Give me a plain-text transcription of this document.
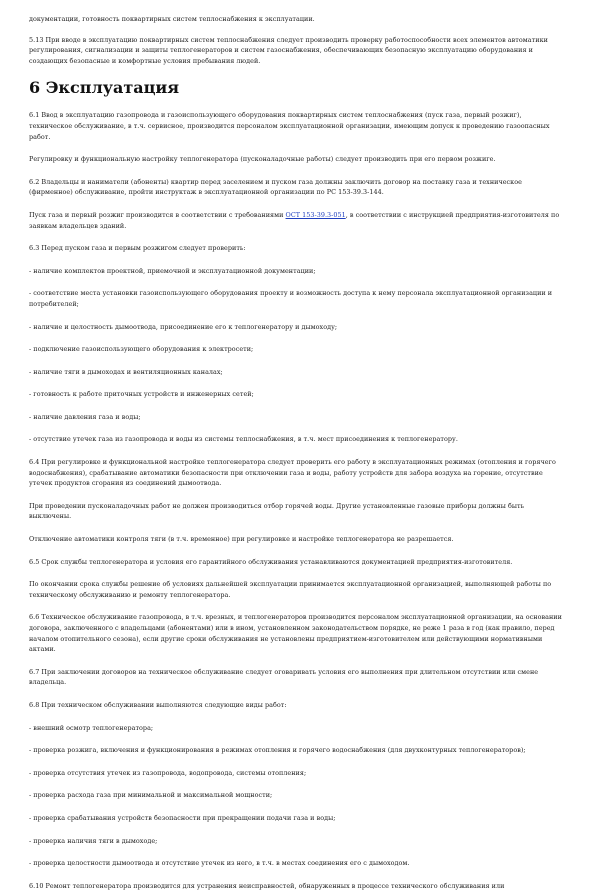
документации, готовность поквартирных систем теплоснабжения к эксплуатации.

5.13 При вводе в эксплуатацию поквартирных систем теплоснабжения следует производить проверку работоспособности всех элементов автоматики регулирования, сигнализации и защиты теплогенераторов и систем газоснабжения, обеспечивающих безопасную эксплуатацию оборудования и создающих безопасные и комфортные условия пребывания людей.

6 Эксплуатация

6.1 Ввод в эксплуатацию газопровода и газоиспользующего оборудования поквартирных систем теплоснабжения (пуск газа, первый розжиг), техническое обслуживание, в т.ч. сервисное, производится персоналом эксплуатационной организации, имеющим допуск к проведению газоопасных работ.

Регулировку и функциональную настройку теплогенератора (пусконаладочные работы) следует производить при его первом розжиге.

6.2 Владельцы и наниматели (абоненты) квартир перед заселением и пуском газа должны заключить договор на поставку газа и техническое (фирменное) обслуживание, пройти инструктаж в эксплуатационной организации по РС 153-39.3-144.

Пуск газа и первый розжиг производится в соответствии с требованиями ОСТ 153-39.3-051, в соответствии с инструкцией предприятия-изготовителя по заявкам владельцев зданий.

6.3 Перед пуском газа и первым розжигом следует проверить:

- наличие комплектов проектной, приемочной и эксплуатационной документации;

- соответствие места установки газоиспользующего оборудования проекту и возможность доступа к нему персонала эксплуатационной организации и потребителей;

- наличие и целостность дымоотвода, присоединение его к теплогенератору и дымоходу;

- подключение газоиспользующего оборудования к электросети;

- наличие тяги в дымоходах и вентиляционных каналах;

- готовность к работе приточных устройств и инженерных сетей;

- наличие давления газа и воды;

- отсутствие утечек газа из газопровода и воды из системы теплоснабжения, в т.ч. мест присоединения к теплогенератору.

6.4 При регулировке и функциональной настройке теплогенератора следует проверить его работу в эксплуатационных режимах (отопления и горячего водоснабжения), срабатывание автоматики безопасности при отключении газа и воды, работу устройств для забора воздуха на горение, отсутствие утечек продуктов сгорания из соединений дымоотвода.

При проведении пусконаладочных работ не должен производиться отбор горячей воды. Другие установленные газовые приборы должны быть выключены.

Отключение автоматики контроля тяги (в т.ч. временное) при регулировке и настройке теплогенератора не разрешается.

6.5 Срок службы теплогенератора и условия его гарантийного обслуживания устанавливаются документацией предприятия-изготовителя.

По окончании срока службы решение об условиях дальнейшей эксплуатации принимается эксплуатационной организацией, выполняющей работы по техническому обслуживанию и ремонту теплогенератора.

6.6 Техническое обслуживание газопровода, в т.ч. врезных, и теплогенераторов производится персоналом эксплуатационной организации, на основании договора, заключенного с владельцами (абонентами) или в ином, установленном законодательством порядке, не реже 1 раза в год (как правило, перед началом отопительного сезона), если другие сроки обслуживания не установлены предприятием-изготовителем или действующими нормативными актами.

6.7 При заключении договоров на техническое обслуживание следует оговаривать условия его выполнения при длительном отсутствии или смене владельца.

6.8 При техническом обслуживании выполняются следующие виды работ:

- внешний осмотр теплогенератора;

- проверка розжига, включения и функционирования в режимах отопления и горячего водоснабжения (для двухконтурных теплогенераторов);

- проверка отсутствия утечек из газопровода, водопровода, системы отопления;

- проверка расхода газа при минимальной и максимальной мощности;

- проверка срабатывания устройств безопасности при прекращении подачи газа и воды;

- проверка наличия тяги в дымоходе;

- проверка целостности дымоотвода и отсутствие утечек из него, в т.ч. в местах соединения его с дымоходом.

6.10 Ремонт теплогенератора производится для устранения неисправностей, обнаруженных в процессе технического обслуживания или
